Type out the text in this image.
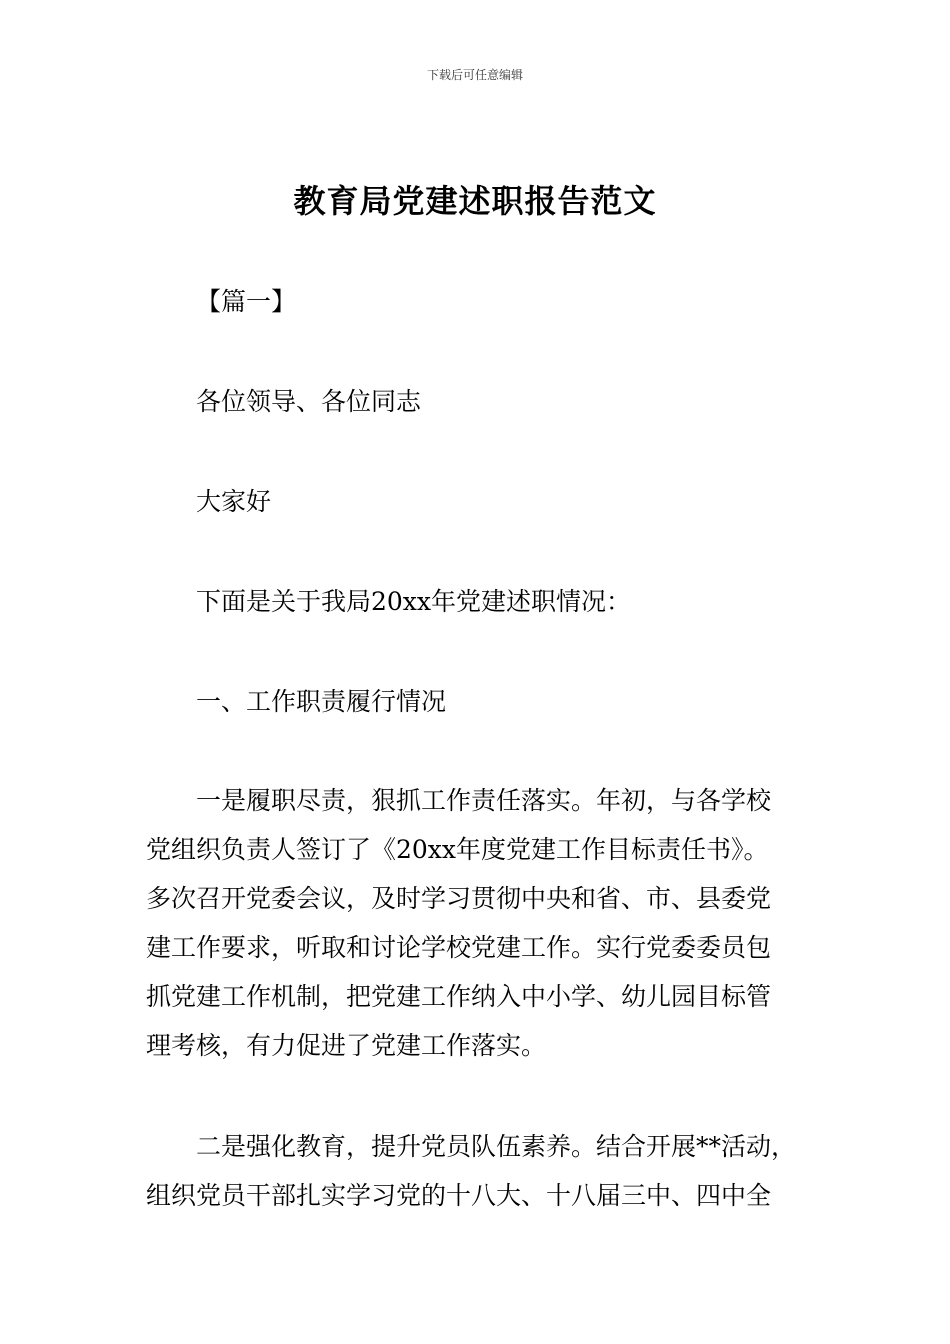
下载后可任意编辑
教育局党建述职报告范文
【篇一】
各位领导、各位同志
大家好
下面是关于我局20xx年党建述职情况：
一、工作职责履行情况
一是履职尽责，狠抓工作责任落实。年初，与各学校
党组织负责人签订了《20xx年度党建工作目标责任书》。
多次召开党委会议，及时学习贯彻中央和省、市、县委党
建工作要求，听取和讨论学校党建工作。实行党委委员包
抓党建工作机制，把党建工作纳入中小学、幼儿园目标管
理考核，有力促进了党建工作落实。
二是强化教育，提升党员队伍素养。结合开展**活动，
组织党员干部扎实学习党的十八大、十八届三中、四中全
